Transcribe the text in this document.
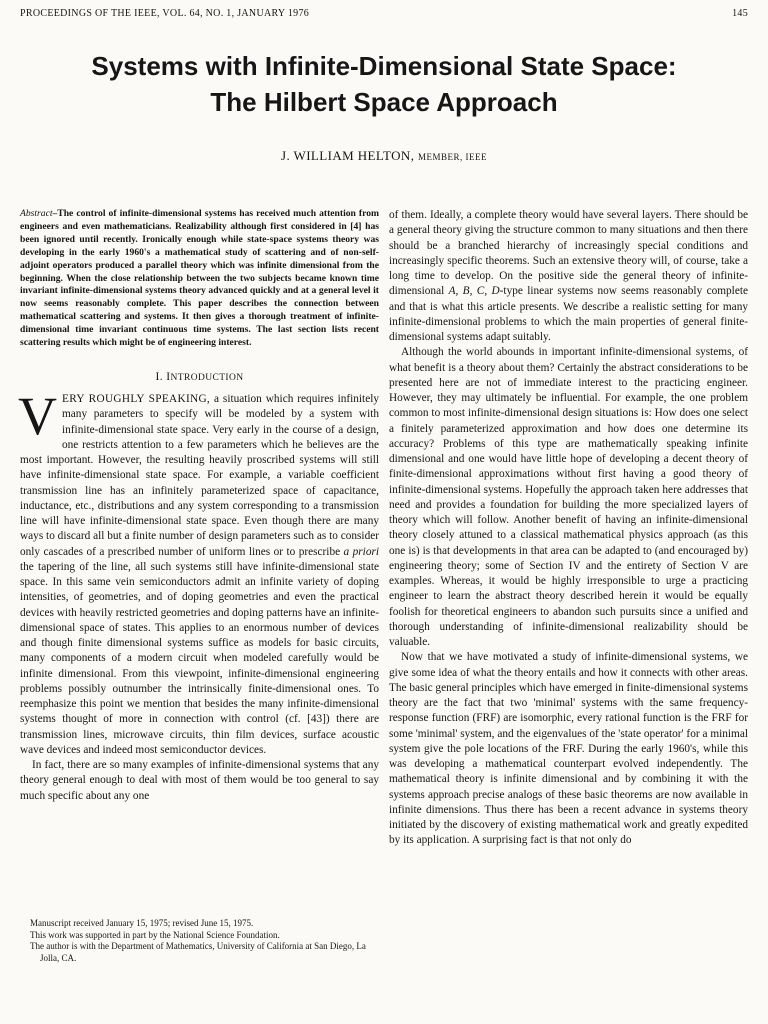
PROCEEDINGS OF THE IEEE, VOL. 64, NO. 1, JANUARY 1976	145
Systems with Infinite-Dimensional State Space:
The Hilbert Space Approach
J. WILLIAM HELTON, MEMBER, IEEE

Abstract–The control of infinite-dimensional systems has received much attention from engineers and even mathematicians. Realizability although first considered in [4] has been ignored until recently. Ironically enough while state-space systems theory was developing in the early 1960's a mathematical study of scattering and of non-self-adjoint operators produced a parallel theory which was infinite dimensional from the beginning. When the close relationship between the two subjects became known time invariant infinite-dimensional systems theory advanced quickly and at a general level it now seems reasonably complete. This paper describes the connection between mathematical scattering and systems. It then gives a thorough treatment of infinite-dimensional time invariant continuous time systems. The last section lists recent scattering results which might be of engineering interest.

I. INTRODUCTION

VERY ROUGHLY SPEAKING, a situation which requires infinitely many parameters to specify will be modeled by a system with infinite-dimensional state space. Very early in the course of a design, one restricts attention to a few parameters which he believes are the most important. However, the resulting heavily proscribed systems will still have infinite-dimensional state space. For example, a variable coefficient transmission line has an infinitely parameterized space of capacitance, inductance, etc., distributions and any system corresponding to a transmission line will have infinite-dimensional state space. Even though there are many ways to discard all but a finite number of design parameters such as to consider only cascades of a prescribed number of uniform lines or to prescribe a priori the tapering of the line, all such systems still have infinite-dimensional state space. In this same vein semiconductors admit an infinite variety of doping intensities, of geometries, and of doping geometries and even the practical devices with heavily restricted geometries and doping patterns have an infinite-dimensional space of states. This applies to an enormous number of devices and though finite dimensional systems suffice as models for basic circuits, many components of a modern circuit when modeled carefully would be infinite dimensional. From this viewpoint, infinite-dimensional engineering problems possibly outnumber the intrinsically finite-dimensional ones. To reemphasize this point we mention that besides the many infinite-dimensional systems thought of more in connection with control (cf. [43]) there are transmission lines, microwave circuits, thin film devices, surface acoustic wave devices and indeed most semiconductor devices.

In fact, there are so many examples of infinite-dimensional systems that any theory general enough to deal with most of them would be too general to say much specific about any one

Manuscript received January 15, 1975; revised June 15, 1975.
This work was supported in part by the National Science Foundation.
The author is with the Department of Mathematics, University of California at San Diego, La Jolla, CA.

of them. Ideally, a complete theory would have several layers. There should be a general theory giving the structure common to many situations and then there should be a branched hierarchy of increasingly special conditions and increasingly specific theorems. Such an extensive theory will, of course, take a long time to develop. On the positive side the general theory of infinite-dimensional A, B, C, D-type linear systems now seems reasonably complete and that is what this article presents. We describe a realistic setting for many infinite-dimensional problems to which the main properties of general finite-dimensional systems adapt suitably.

Although the world abounds in important infinite-dimensional systems, of what benefit is a theory about them? Certainly the abstract considerations to be presented here are not of immediate interest to the practicing engineer. However, they may ultimately be influential. For example, the one problem common to most infinite-dimensional design situations is: How does one select a finitely parameterized approximation and how does one determine its accuracy? Problems of this type are mathematically speaking infinite dimensional and one would have little hope of developing a decent theory of finite-dimensional approximations without first having a good theory of infinite-dimensional systems. Hopefully the approach taken here addresses that need and provides a foundation for building the more specialized layers of theory which will follow. Another benefit of having an infinite-dimensional theory closely attuned to a classical mathematical physics approach (as this one is) is that developments in that area can be adapted to (and encouraged by) engineering theory; some of Section IV and the entirety of Section V are examples. Whereas, it would be highly irresponsible to urge a practicing engineer to learn the abstract theory described herein it would be equally foolish for theoretical engineers to abandon such pursuits since a unified and thorough understanding of infinite-dimensional realizability should be valuable.

Now that we have motivated a study of infinite-dimensional systems, we give some idea of what the theory entails and how it connects with other areas. The basic general principles which have emerged in finite-dimensional systems theory are the fact that two 'minimal' systems with the same frequency-response function (FRF) are isomorphic, every rational function is the FRF for some 'minimal' system, and the eigenvalues of the 'state operator' for a minimal system give the pole locations of the FRF. During the early 1960's, while this was developing a mathematical counterpart evolved independently. The mathematical theory is infinite dimensional and by combining it with the systems approach precise analogs of these basic theorems are now available in infinite dimensions. Thus there has been a recent advance in systems theory initiated by the discovery of existing mathematical work and greatly expedited by its application. A surprising fact is that not only do
